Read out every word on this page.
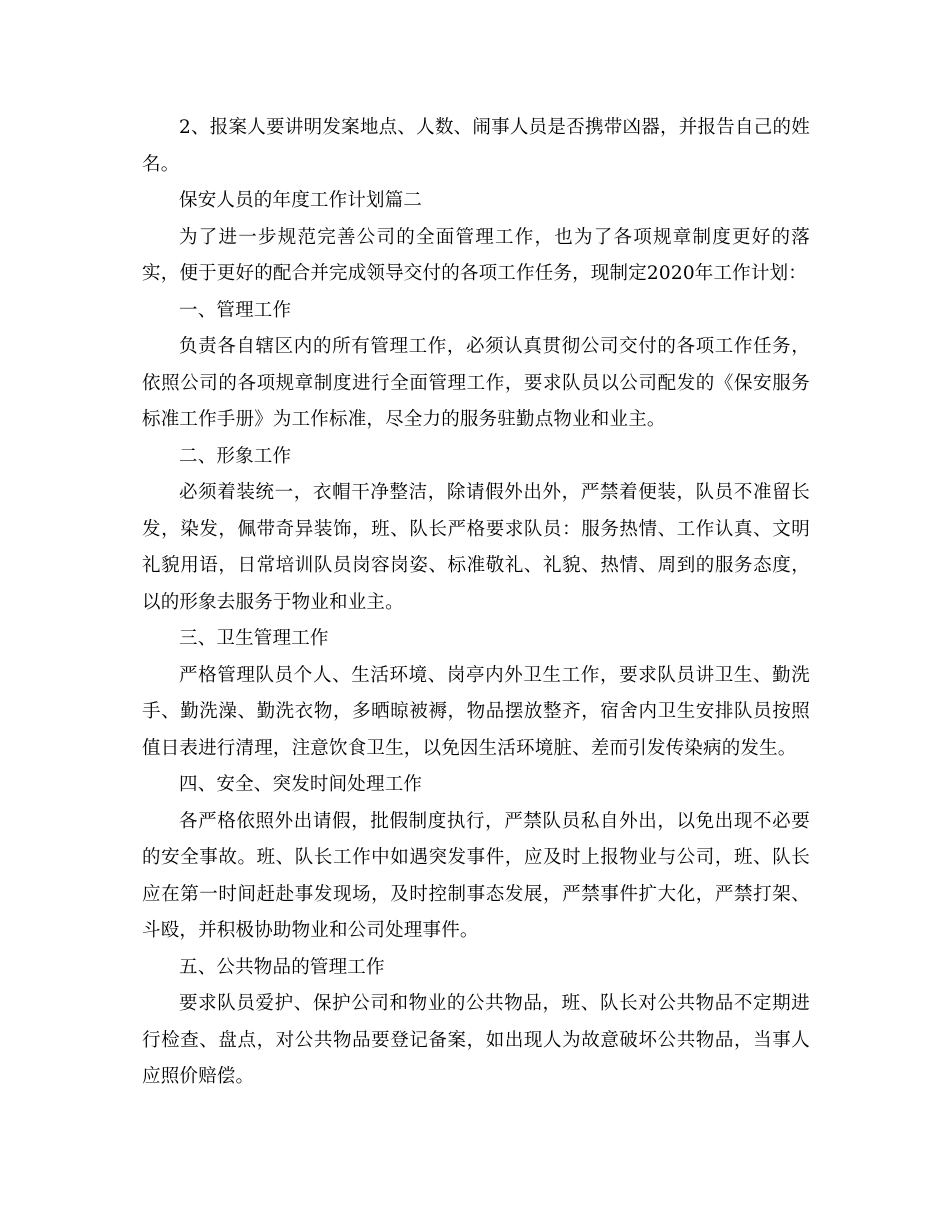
2、报案人要讲明发案地点、人数、闹事人员是否携带凶器，并报告自己的姓名。

保安人员的年度工作计划篇二

为了进一步规范完善公司的全面管理工作，也为了各项规章制度更好的落实，便于更好的配合并完成领导交付的各项工作任务，现制定2020年工作计划：

一、管理工作

负责各自辖区内的所有管理工作，必须认真贯彻公司交付的各项工作任务，依照公司的各项规章制度进行全面管理工作，要求队员以公司配发的《保安服务标准工作手册》为工作标准，尽全力的服务驻勤点物业和业主。

二、形象工作

必须着装统一，衣帽干净整洁，除请假外出外，严禁着便装，队员不准留长发，染发，佩带奇异装饰，班、队长严格要求队员：服务热情、工作认真、文明礼貌用语，日常培训队员岗容岗姿、标准敬礼、礼貌、热情、周到的服务态度，以的形象去服务于物业和业主。

三、卫生管理工作

严格管理队员个人、生活环境、岗亭内外卫生工作，要求队员讲卫生、勤洗手、勤洗澡、勤洗衣物，多晒晾被褥，物品摆放整齐，宿舍内卫生安排队员按照值日表进行清理，注意饮食卫生，以免因生活环境脏、差而引发传染病的发生。

四、安全、突发时间处理工作

各严格依照外出请假，批假制度执行，严禁队员私自外出，以免出现不必要的安全事故。班、队长工作中如遇突发事件，应及时上报物业与公司，班、队长应在第一时间赶赴事发现场，及时控制事态发展，严禁事件扩大化，严禁打架、斗殴，并积极协助物业和公司处理事件。

五、公共物品的管理工作

要求队员爱护、保护公司和物业的公共物品，班、队长对公共物品不定期进行检查、盘点，对公共物品要登记备案，如出现人为故意破坏公共物品，当事人应照价赔偿。
